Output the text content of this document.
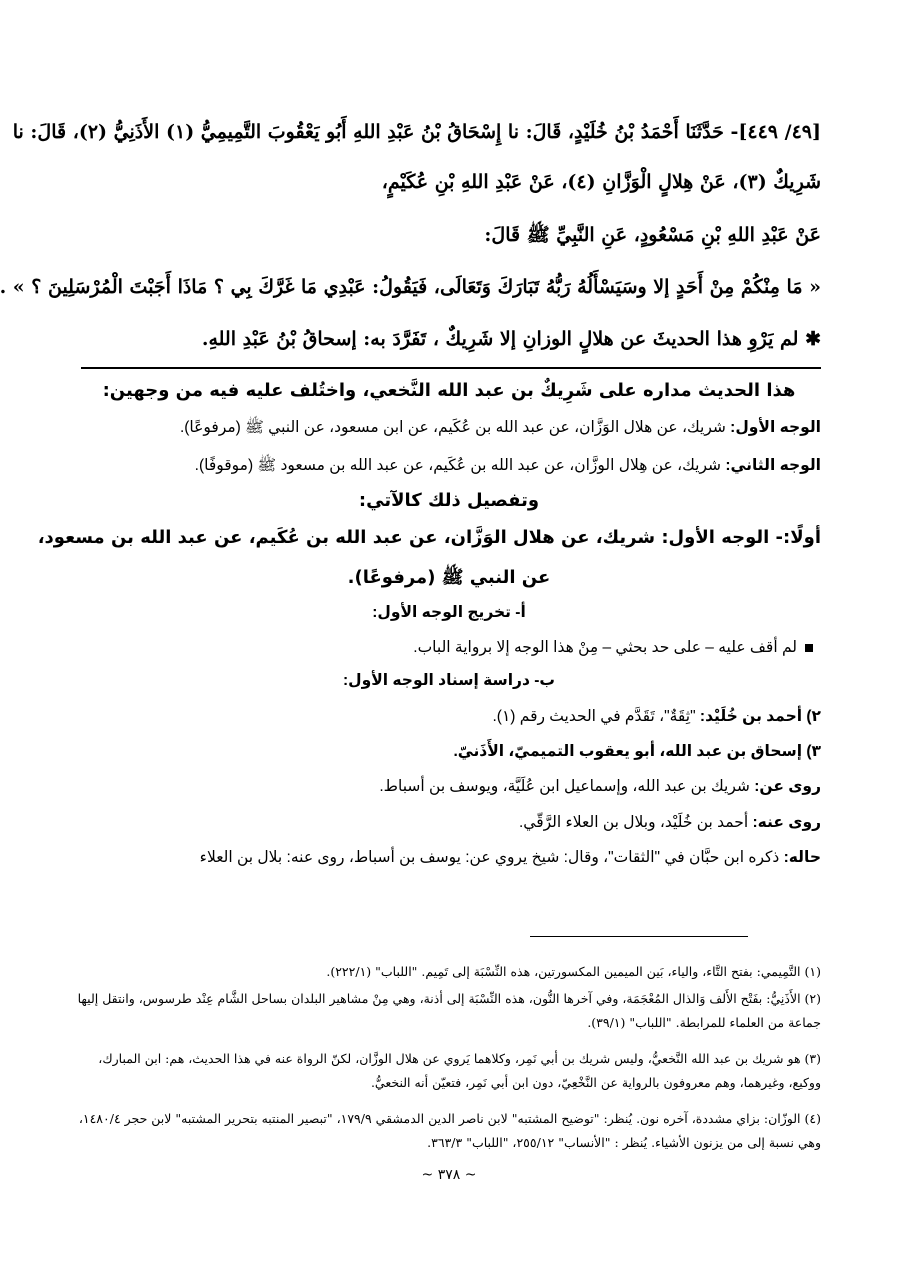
[٤٩/ ٤٤٩]- حَدَّثَنَا أَحْمَدُ بْنُ خُلَيْدٍ، قَالَ: نا إِسْحَاقُ بْنُ عَبْدِ اللهِ أَبُو يَعْقُوبَ التَّمِيمِيُّ (١) الأَذَنِيُّ (٢)، قَالَ: نا

شَرِيكٌ (٣)، عَنْ هِلالٍ الْوَزَّانِ (٤)، عَنْ عَبْدِ اللهِ بْنِ عُكَيْمٍ،

عَنْ عَبْدِ اللهِ بْنِ مَسْعُودٍ، عَنِ النَّبِيِّ ﷺ قَالَ:

« مَا مِنْكُمْ مِنْ أَحَدٍ إلا وسَيَسْأَلُهُ رَبُّهُ تَبَارَكَ وَتَعَالَى، فَيَقُولُ: عَبْدِي مَا غَرَّكَ بِي ؟ مَاذَا أَجَبْتَ الْمُرْسَلِينَ ؟ » .

✱ لم يَرْوِ هذا الحديثَ عن هلالٍ الوزانِ إلا شَرِيكٌ ، تَفَرَّدَ به: إسحاقُ بْنُ عَبْدِ اللهِ.

هذا الحديث مداره على شَرِيكٌ بن عبد الله النَّخعي، واختُلف عليه فيه من وجهين:

الوجه الأول: شريك، عن هلال الوَزَّان، عن عبد الله بن عُكَيم، عن ابن مسعود، عن النبي ﷺ (مرفوعًا).

الوجه الثاني: شريك، عن هِلال الوزَّان، عن عبد الله بن عُكَيم، عن عبد الله بن مسعود ﷺ (موقوفًا).

وتفصيل ذلك كالآتي:

أولًا:- الوجه الأول: شريك، عن هلال الوَزَّان، عن عبد الله بن عُكَيم، عن عبد الله بن مسعود،

عن النبي ﷺ (مرفوعًا).

أ- تخريج الوجه الأول:

لم أقف عليه – على حد بحثي – مِنْ هذا الوجه إلا برواية الباب.

ب- دراسة إسناد الوجه الأول:

٢) أحمد بن خُلَيْد: "ثِقَةٌ"، تَقَدَّم في الحديث رقم (١).

٣) إسحاق بن عبد الله، أبو يعقوب التميميّ، الأَذَنيّ.

روى عن: شريك بن عبد الله، وإسماعيل ابن عُلَيَّة، ويوسف بن أسباط.

روى عنه: أحمد بن خُلَيْد، وبلال بن العلاء الرَّقّي.

حاله: ذكره ابن حبَّان في "الثقات"، وقال: شيخ يروي عن: يوسف بن أسباط، روى عنه: بلال بن العلاء

(١) التَّمِيمي: بفتح التَّاء، والياء، بَين الميمين المكسورتين، هذه النِّسْبَة إلى تَمِيم. "اللباب" (٢٢٢/١).

(٢) الأَذَنِيُّ: بفَتْح الأَلف وَالذال المُعْجَمَة، وفي آخرها النُّون، هذه النِّسْبَة إلى أذنة، وهي مِنْ مشاهير البلدان بساحل الشَّام عِنْد طرسوس، وانتقل إليها جماعة من العلماء للمرابطة. "اللباب" (٣٩/١).

(٣) هو شريك بن عبد الله النَّخعيُّ، وليس شريك بن أبي نَمِر، وكلاهما يَروي عن هلال الوزَّان، لكنّ الرواة عنه في هذا الحديث، هم: ابن المبارك، ووكيع، وغيرهما، وهم معروفون بالرواية عن النَّخْعِيّ، دون ابن أبي نَمِر، فتعيّن أنه النخعيُّ.

(٤) الوزّان: بزاي مشددة، آخره نون. يُنظر: "توضيح المشتبه" لابن ناصر الدين الدمشقي ١٧٩/٩، "تبصير المنتبه بتحرير المشتبه" لابن حجر ١٤٨٠/٤، وهي نسبة إلى من يزنون الأشياء. يُنظر : "الأنساب" ٢٥٥/١٢، "اللباب" ٣٦٣/٣.

~ ٣٧٨ ~
